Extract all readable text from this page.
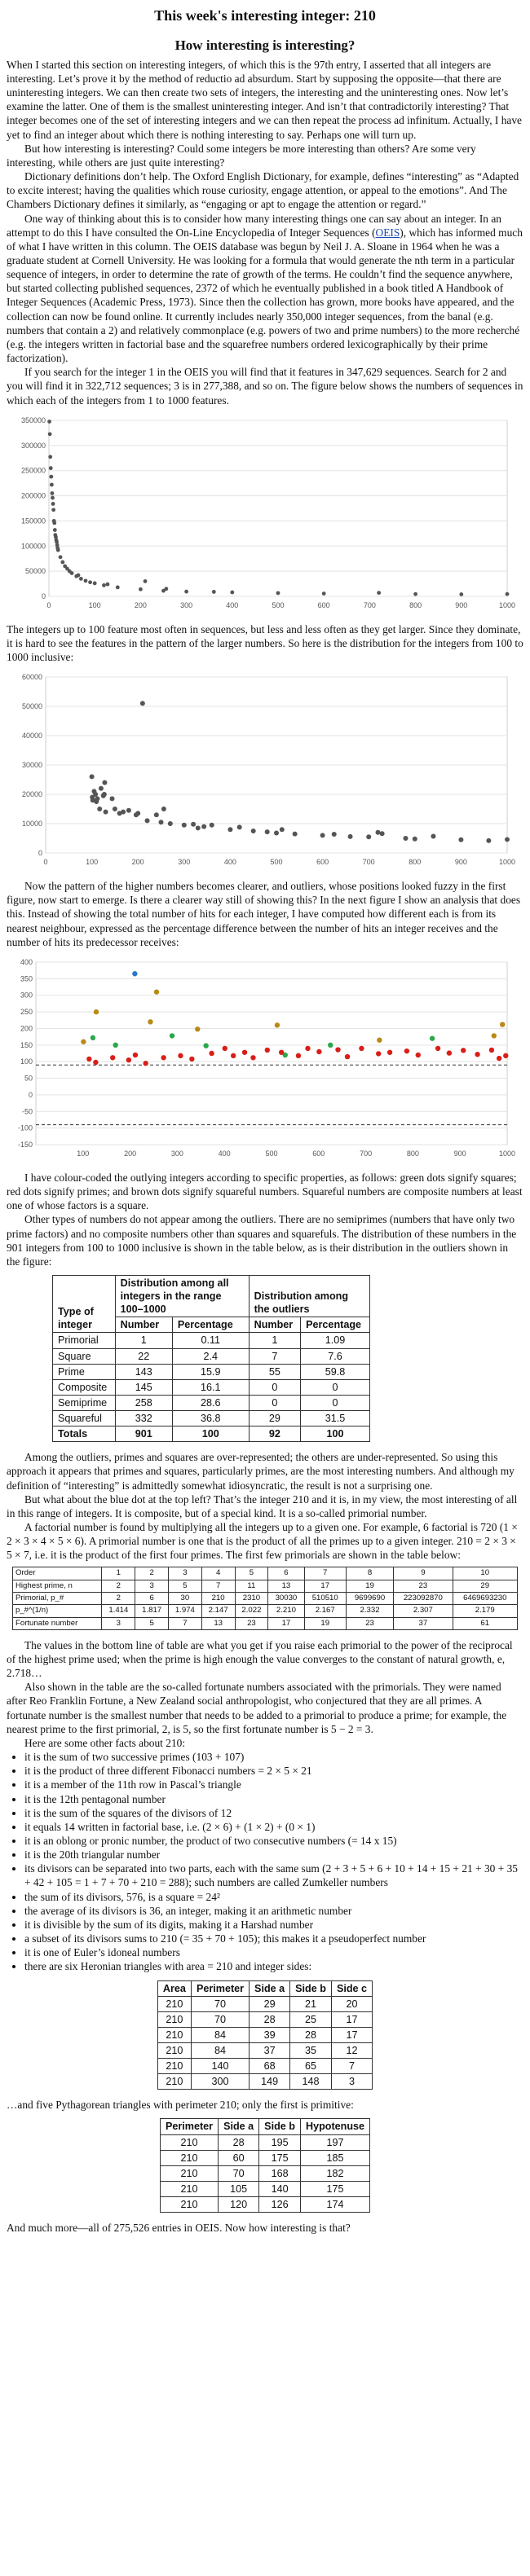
This week's interesting integer: 210
How interesting is interesting?

When I started this section on interesting integers, of which this is the 97th entry, I asserted that all integers are interesting. Let’s prove it by the method of reductio ad absurdum. Start by supposing the opposite—that there are uninteresting integers. We can then create two sets of integers, the interesting and the uninteresting ones. Now let’s examine the latter. One of them is the smallest uninteresting integer. And isn’t that contradictorily interesting? That integer becomes one of the set of interesting integers and we can then repeat the process ad infinitum. Actually, I have yet to find an integer about which there is nothing interesting to say. Perhaps one will turn up.

But how interesting is interesting? Could some integers be more interesting than others? Are some very interesting, while others are just quite interesting?

Dictionary definitions don’t help. The Oxford English Dictionary, for example, defines “interesting” as “Adapted to excite interest; having the qualities which rouse curiosity, engage attention, or appeal to the emotions”. And The Chambers Dictionary defines it similarly, as “engaging or apt to engage the attention or regard.”

One way of thinking about this is to consider how many interesting things one can say about an integer. In an attempt to do this I have consulted the On-Line Encyclopedia of Integer Sequences (OEIS), which has informed much of what I have written in this column. The OEIS database was begun by Neil J. A. Sloane in 1964 when he was a graduate student at Cornell University. He was looking for a formula that would generate the nth term in a particular sequence of integers, in order to determine the rate of growth of the terms. He couldn’t find the sequence anywhere, but started collecting published sequences, 2372 of which he eventually published in a book titled A Handbook of Integer Sequences (Academic Press, 1973). Since then the collection has grown, more books have appeared, and the collection can now be found online. It currently includes nearly 350,000 integer sequences, from the banal (e.g. numbers that contain a 2) and relatively commonplace (e.g. powers of two and prime numbers) to the more recherché (e.g. the integers written in factorial base and the squarefree numbers ordered lexicographically by their prime factorization).

If you search for the integer 1 in the OEIS you will find that it features in 347,629 sequences. Search for 2 and you will find it in 322,712 sequences; 3 is in 277,388, and so on. The figure below shows the numbers of sequences in which each of the integers from 1 to 1000 features.

0
50000
100000
150000
200000
250000
300000
350000
0	100	200	300	400	500	600	700	800	900	1000

The integers up to 100 feature most often in sequences, but less and less often as they get larger. Since they dominate, it is hard to see the features in the pattern of the larger numbers. So here is the distribution for the integers from 100 to 1000 inclusive:

0
10000
20000
30000
40000
50000
60000
0	100	200	300	400	500	600	700	800	900	1000

Now the pattern of the higher numbers becomes clearer, and outliers, whose positions looked fuzzy in the first figure, now start to emerge. Is there a clearer way still of showing this? In the next figure I show an analysis that does this. Instead of showing the total number of hits for each integer, I have computed how different each is from its nearest neighbour, expressed as the percentage difference between the number of hits an integer receives and the number of hits its predecessor receives:

-150
-100
-50
0
50
100
150
200
250
300
350
400
100	200	300	400	500	600	700	800	900	1000

I have colour-coded the outlying integers according to specific properties, as follows: green dots signify squares; red dots signify primes; and brown dots signify squareful numbers. Squareful numbers are composite numbers at least one of whose factors is a square.

Other types of numbers do not appear among the outliers. There are no semiprimes (numbers that have only two prime factors) and no composite numbers other than squares and squarefuls. The distribution of these numbers in the 901 integers from 100 to 1000 inclusive is shown in the table below, as is their distribution in the outliers shown in the figure:

Type of integer	Distribution among all integers in the range 100–1000		Distribution among the outliers	
	Number	Percentage	Number	Percentage
Primorial	1	0.11	1	1.09
Square	22	2.4	7	7.6
Prime	143	15.9	55	59.8
Composite	145	16.1	0	0
Semiprime	258	28.6	0	0
Squareful	332	36.8	29	31.5
Totals	901	100	92	100

Among the outliers, primes and squares are over-represented; the others are under-represented. So using this approach it appears that primes and squares, particularly primes, are the most interesting numbers. And although my definition of “interesting” is admittedly somewhat idiosyncratic, the result is not a surprising one.

But what about the blue dot at the top left? That’s the integer 210 and it is, in my view, the most interesting of all in this range of integers. It is composite, but of a special kind. It is a so-called primorial number.

A factorial number is found by multiplying all the integers up to a given one. For example, 6 factorial is 720 (1 × 2 × 3 × 4 × 5 × 6). A primorial number is one that is the product of all the primes up to a given integer. 210 = 2 × 3 × 5 × 7, i.e. it is the product of the first four primes. The first few primorials are shown in the table below:

Order	1	2	3	4	5	6	7	8	9	10
Highest prime, n	2	3	5	7	11	13	17	19	23	29
Primorial, p_#	2	6	30	210	2310	30030	510510	9699690	223092870	6469693230
p_#^(1/n)	1.414	1.817	1.974	2.147	2.022	2.210	2.167	2.332	2.307	2.179
Fortunate number	3	5	7	13	23	17	19	23	37	61

The values in the bottom line of table are what you get if you raise each primorial to the power of the reciprocal of the highest prime used; when the prime is high enough the value converges to the constant of natural growth, e, 2.718…

Also shown in the table are the so-called fortunate numbers associated with the primorials. They were named after Reo Franklin Fortune, a New Zealand social anthropologist, who conjectured that they are all primes. A fortunate number is the smallest number that needs to be added to a primorial to produce a prime; for example, the nearest prime to the first primorial, 2, is 5, so the first fortunate number is 5 − 2 = 3.

Here are some other facts about 210:

• it is the sum of two successive primes (103 + 107)
• it is the product of three different Fibonacci numbers = 2 × 5 × 21
• it is a member of the 11th row in Pascal’s triangle
• it is the 12th pentagonal number
• it is the sum of the squares of the divisors of 12
• it equals 14 written in factorial base, i.e. (2 × 6) + (1 × 2) + (0 × 1)
• it is an oblong or pronic number, the product of two consecutive numbers (= 14 x 15)
• it is the 20th triangular number
• its divisors can be separated into two parts, each with the same sum (2 + 3 + 5 + 6 + 10 + 14 + 15 + 21 + 30 + 35 + 42 + 105 = 1 + 7 + 70 + 210 = 288); such numbers are called Zumkeller numbers
• the sum of its divisors, 576, is a square = 24²
• the average of its divisors is 36, an integer, making it an arithmetic number
• it is divisible by the sum of its digits, making it a Harshad number
• a subset of its divisors sums to 210 (= 35 + 70 + 105); this makes it a pseudoperfect number
• it is one of Euler’s idoneal numbers
• there are six Heronian triangles with area = 210 and integer sides:
Area	Perimeter	Side a	Side b	Side c
210	70	29	21	20
210	70	28	25	17
210	84	39	28	17
210	84	37	35	12
210	140	68	65	7
210	300	149	148	3

…and five Pythagorean triangles with perimeter 210; only the first is primitive:

Perimeter	Side a	Side b	Hypotenuse
210	28	195	197
210	60	175	185
210	70	168	182
210	105	140	175
210	120	126	174

And much more—all of 275,526 entries in OEIS. Now how interesting is that?
